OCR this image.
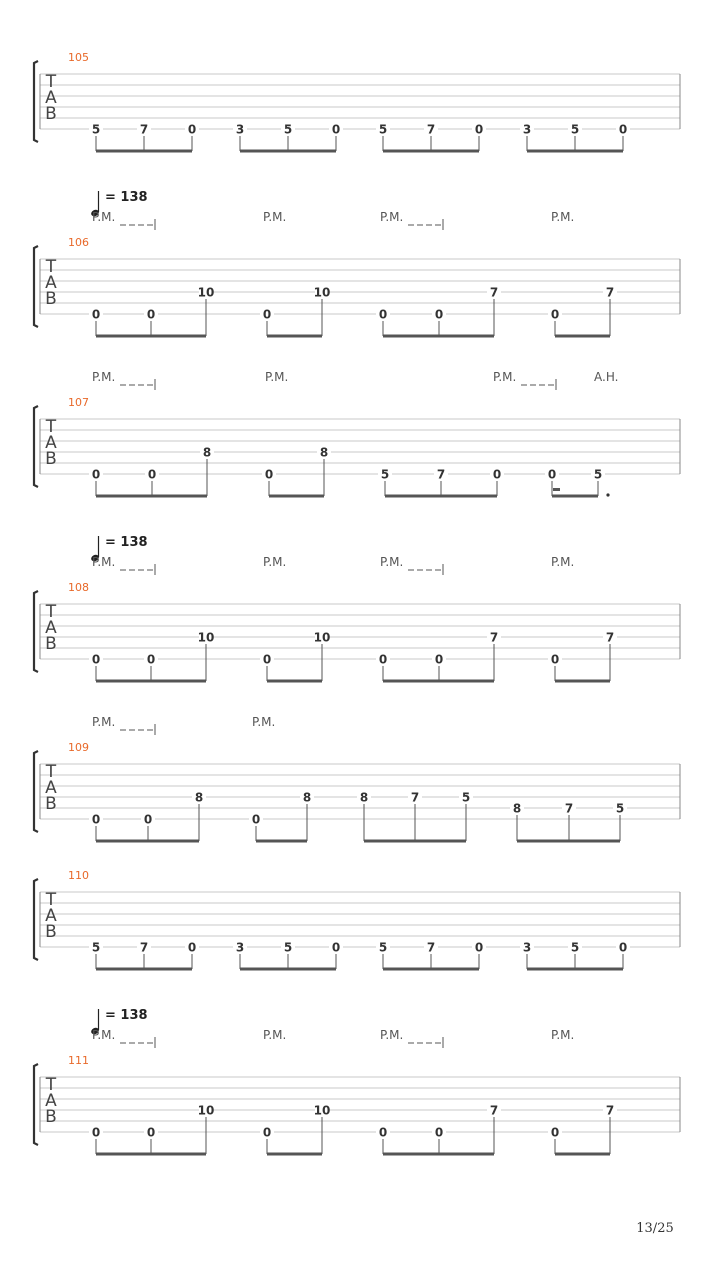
T
A
B
105
5	7	0	3	5	0	5	7	0	3	5	0
T
A
B
106
= 138
P.M.	P.M.	P.M.	P.M.
0	0
10
0
10
0	0
7
0
7
T
A
B
107
P.M.	P.M.	P.M.	A.H.
0	0
8
0
8
5	7	0	0	5
T
A
B
108
= 138
P.M.	P.M.	P.M.	P.M.
0	0
10
0
10
0	0
7
0
7
T
A
B
109
P.M.	P.M.
0	0
8
0
8	8	7	5
8	7	5
T
A
B
110
5	7	0	3	5	0	5	7	0	3	5	0
T
A
B
111
= 138
P.M.	P.M.	P.M.	P.M.
0	0
10
0
10
0	0
7
0
7
13/25
